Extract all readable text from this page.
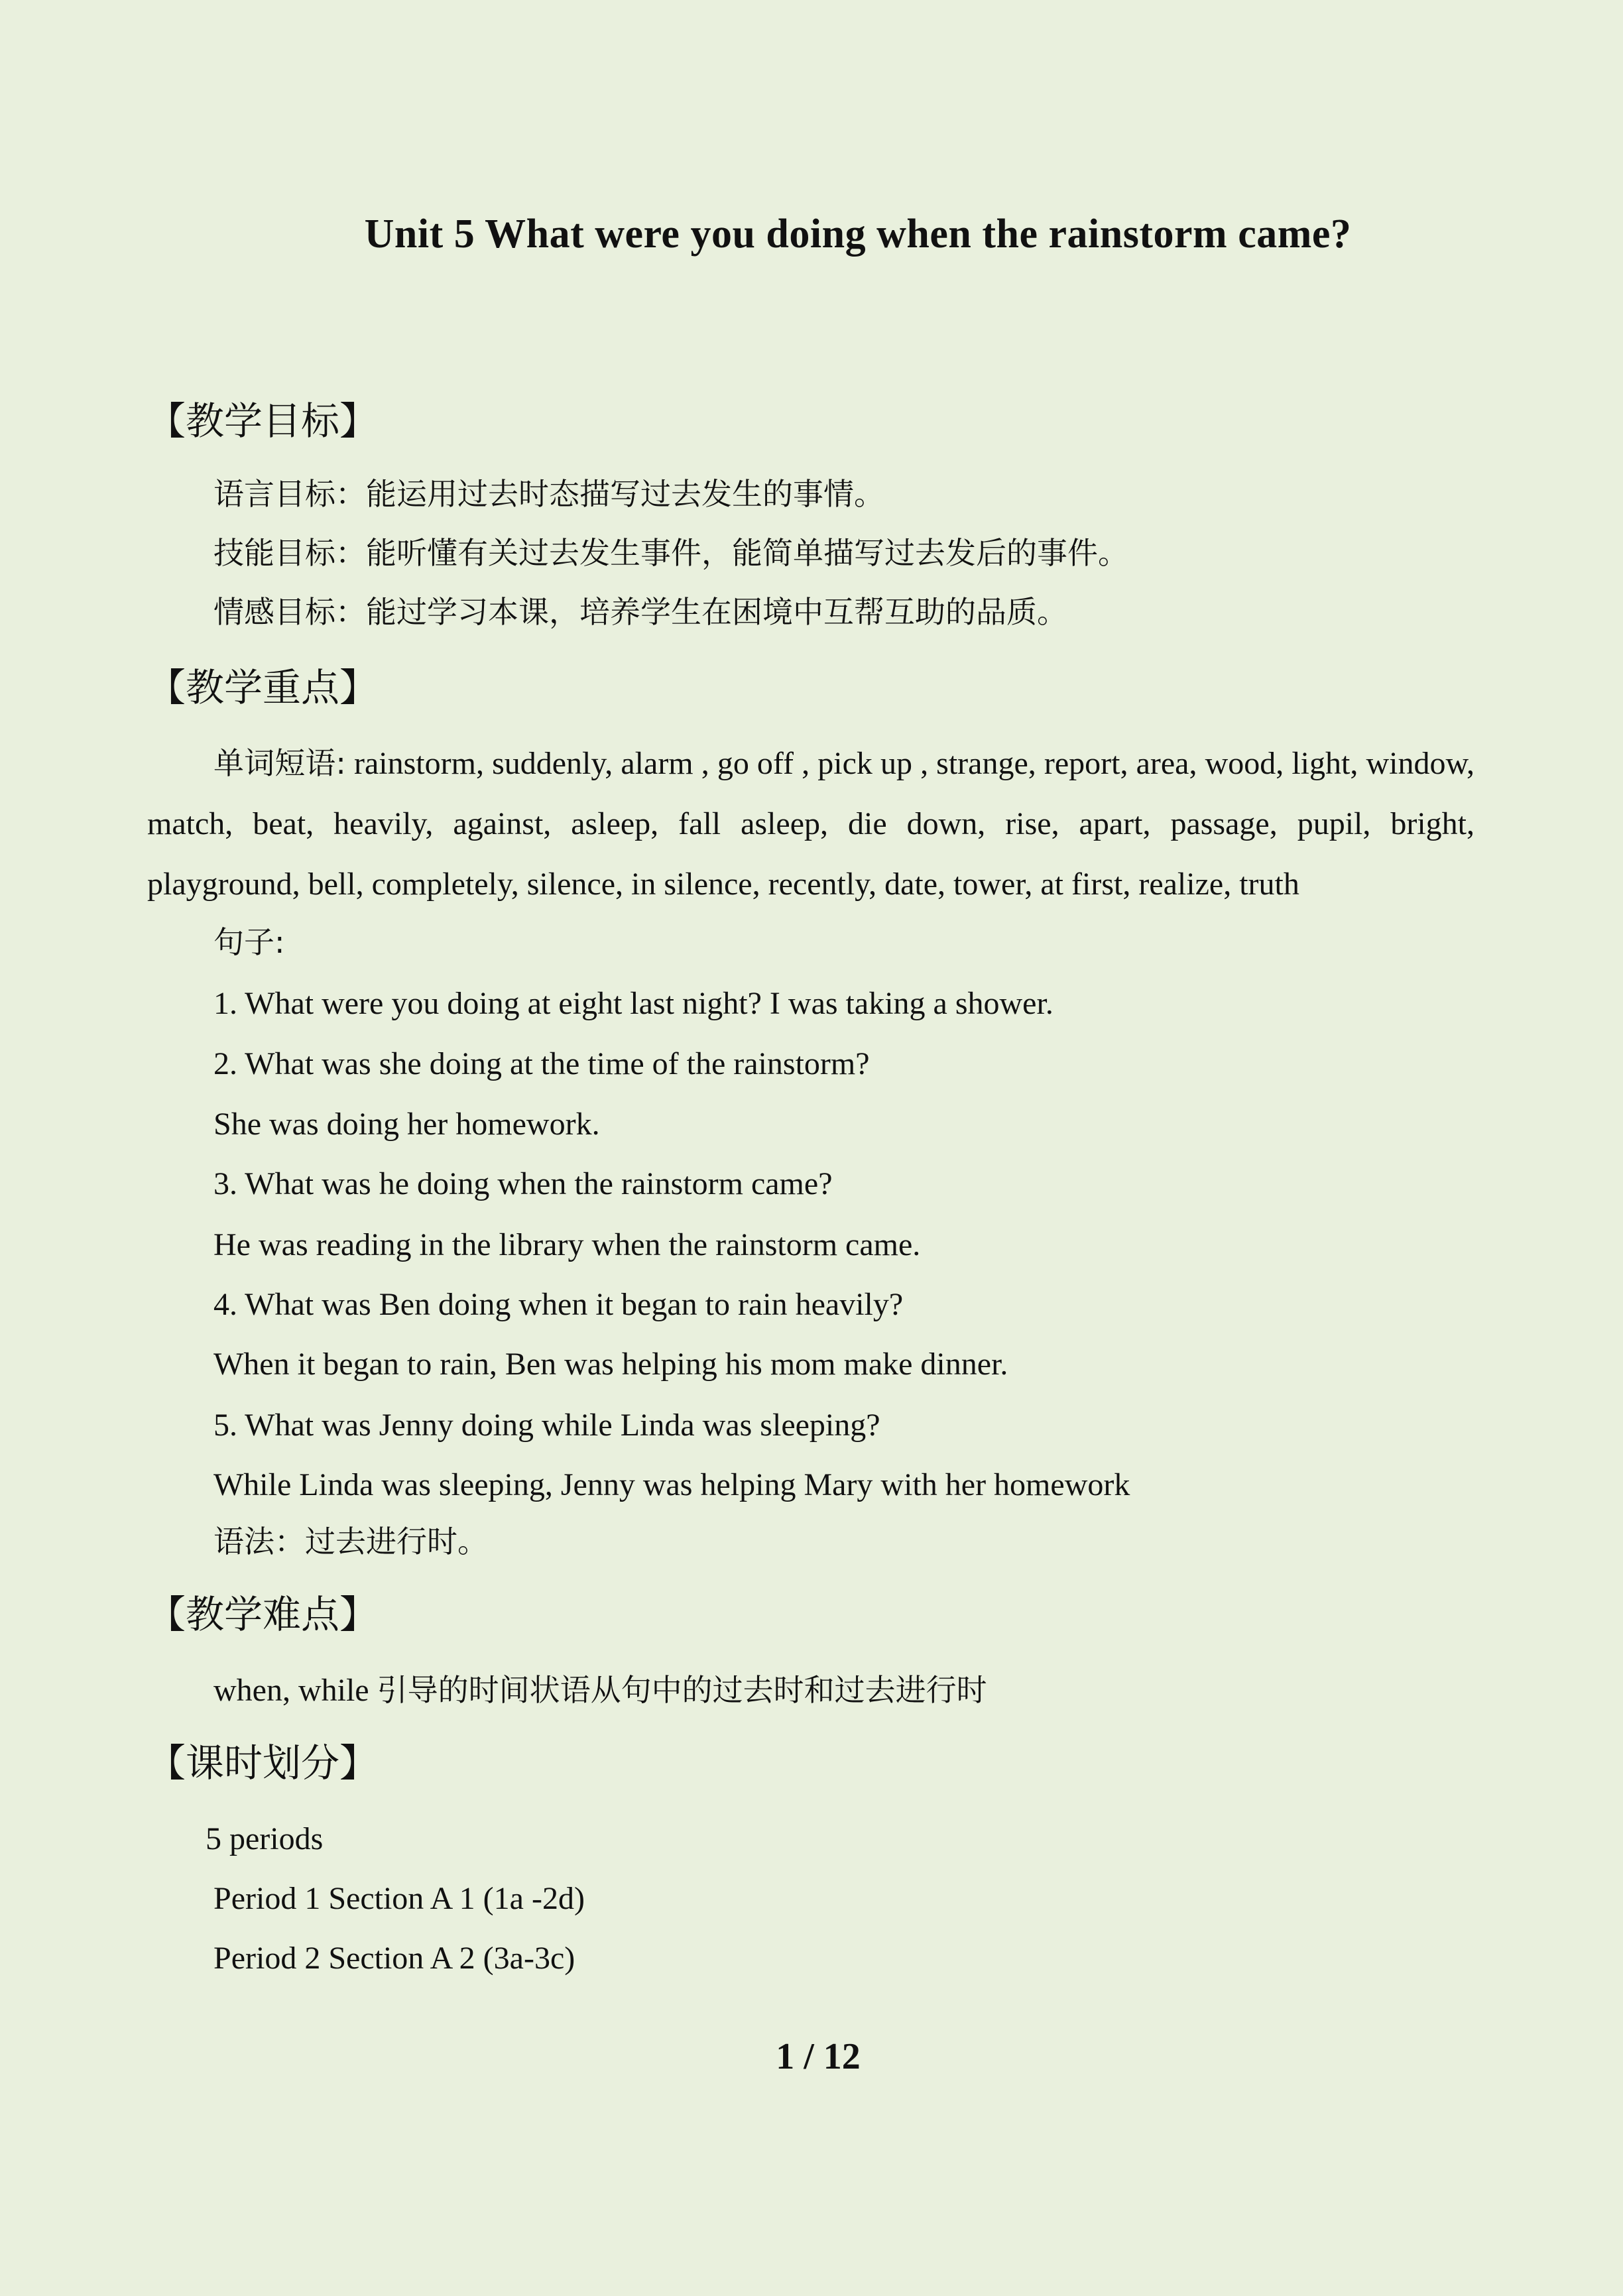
Unit 5 What were you doing when the rainstorm came?
【教学目标】
语言目标：能运用过去时态描写过去发生的事情。
技能目标：能听懂有关过去发生事件，能简单描写过去发后的事件。
情感目标：能过学习本课，培养学生在困境中互帮互助的品质。
【教学重点】
单词短语: rainstorm, suddenly, alarm , go off , pick up , strange, report, area, wood, light, window, match, beat, heavily, against, asleep, fall asleep, die down, rise, apart, passage, pupil, bright, playground, bell, completely, silence, in silence, recently, date, tower, at first, realize, truth
句子:
1. What were you doing at eight last night? I was taking a shower.
2. What was she doing at the time of the rainstorm?
She was doing her homework.
3. What was he doing when the rainstorm came?
He was reading in the library when the rainstorm came.
4. What was Ben doing when it began to rain heavily?
When it began to rain, Ben was helping his mom make dinner.
5. What was Jenny doing while Linda was sleeping?
While Linda was sleeping, Jenny was helping Mary with her homework
语法：过去进行时。
【教学难点】
when, while 引导的时间状语从句中的过去时和过去进行时
【课时划分】
5 periods
Period 1 Section A 1 (1a -2d)
Period 2 Section A 2 (3a-3c)
1 / 12
